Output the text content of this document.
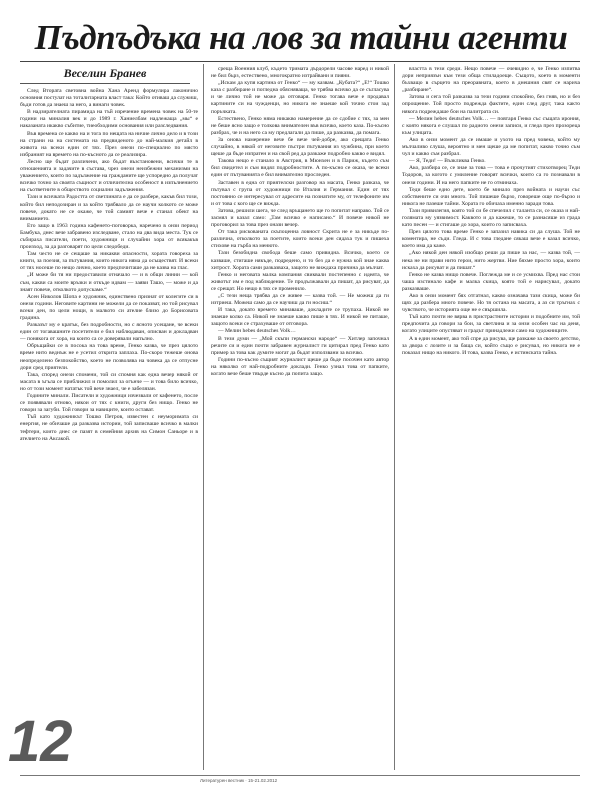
Пъдпъдъка на лов за тайни агенти
Веселин Бранев

След Втората световна война Хана Аренд формулира лаконично основния постулат на тоталитарната власт така: Който отиваш да служиш, бъди готов да знаеш за него, а винаги човек.

В надзирателната пирамида на тъй изречение времена човек на 50-те години на миналия век и до 1989 г. Ханиелбам надлежаща „мы“ е наказаната икакво събитие, тиеобходими основания или разследвания.

Във времена се какво на и тога по нещата на ничие лично дело и в този на страни на на системата на предвиденото до най-малкия детайл в живота на всеки един от тях. През онези по-специално по място избраният на времето на по-късното да се реализира.

Лесно ще бъдат различени, ако бъдат възстановени, всички те в отношенията и задачите в състава, чрез онези неизбежни механизми на уважението, които по задължение на гражданите ще успоредно да получат всичко точно за своята същност и отличителна особеност в изпълнението на съответните в обществото социални задължения.

Тази и всичката Радостта от светлината е да се разбере, какъв бил този, който бил неподозиран и за който трябвало да се научи колкото се може повече, докато не се окаже, че той самият вече е станал обект на вниманието.

Ето защо в 1963 година кафенето-поговорка, наречено в онзи период Бамбука, днес вече забравено изследване, стало на два вида места. Тук се събираха писатели, поети, художници и случайни хора от всякакъв произход, за да разговарят по цели следобеди.

Там често не се сещаше за никакви опасности, хората говореха за книги, за поезия, за пътувания, които никога няма да осъществят. И всеки от тях носеше по нещо лично, което предпочиташе да не казва на глас.

„И може би тя ни предоставили отначало — и в общи линии — кой съм, какви са моите връзки и откъде идвам — заяви Ташо, — може и да знаят повече, отколкото допускаме.“

Асен Николов Шопа е художник, единствено признат от колегите си в онези години. Неговите картини не можели да се показват, но той рисувал всеки ден, по цели нощи, в малкото си ателие близо до Борисовата градина.

Разказът му е кратък, без подробности, но с ясното усещане, че всеки един от тогавашните посетители е бил наблюдаван, описван и докладван — понякога от хора, на които са се доверявали напълно.

Обръщайки се в посока на това време, Генко казва, че през цялото време нито веднъж не е усетил открита заплаха. По-скоро тежеше онова неопределено безпокойство, което не позволява на човека да се отпусне дори сред приятели.

Така, според онези спомени, той си спомня как една вечер някой от масата в ъгъла се приближил и помолил за огънче — и това било всичко, но от този момент нататък той вече знаел, че е забелязан.

Годините минали. Писатели и художници изчезвали от кафенето, после се появявали отново, някои от тях с книги, други без нищо. Генко не говори за загуби. Той говори за навиците, които остават.

Тъй като художникът Тошко Петров, известен с неуморимата си енергия, не обичаше да разказва истории, той записваше всичко в малки тефтери, които днес се пазят в семейния архив на Симон Саньоре и в ателието на Аксакой.

среща Военния клуб, където тримата дърдорели часове наред и никой не бил бърз, естествено, многократно изтрайвани и пияни.

„Искам да купя картина от Генко“ — му казвам. „Кубата?“ „Е!“ Тошко каза с разбиране и погледна обясняваща, че трябва всичко да се съгласува и че лично той не може да отговаря. Генко тогава вече е продавал картините си на чужденци, но никога не знаеше кой точно стои зад поръчката.

Естествено, Генко няма никакво намерение да се сдобие с тях, за мен не беше ясно защо е толкова внимателен във всичко, което каза. По-късно разбрах, че и на него са му предлагали да пише, да разказва, да помага.

За онова намерение вече бе вече чей-добре, ако срещата Генко случайно, в някой от неговите пъстри пътувания из чужбина, при което щеше да бъде изпратен и на свой ред да разкаже подробно какво е видял.

Такова нещо е станало в Австрия, в Мюнхен и в Париж, където съм бил свидетел и съм видял подробностите. А по-късно се оказа, че всеки един от пътуванията е бил внимателно проследен.

Заставен в една от приятелски разговор на масата, Генко разказа, че пътувал с група от художници по Италия и Германия. Един от тях постоянно се интересувал от адресите на познатите му, от телефоните им и от това с кого ще се вижда.

Затова, решили шега, че след връщането ще го попитат направо. Той се засмял и казал само: „Там всичко е написано.“ И повече никой не проговорил за това през онази вечер.

От така рискованата скъпоценна ловност Скрита не е за никъде по-различна, отколкото за поетите, които всеки ден сядаха тук и пишеха стихове на гърба на менюто.

Тази безобидна свобода беше само привидна. Всичко, което се казваше, стигаше някъде, подредено, и то без да е нужна кой знае каква хитрост. Хората сами разказваха, защото не виждаха причина да мълчат.

Генко и неговата малка компания свиквали постепенно с идеята, че животът им е под наблюдение. Те продължавали да пишат, да рисуват, да се срещат. Но нещо в тях се променило.

„С тези неща трябва да се живее — казва той. — Не можеш да ги изтриеш. Можеш само да се научиш да ги носиш.“

И така, докато времето минаваше, докладите се трупаха. Никой не знаеше колко са. Никой не знаеше какво пише в тях. И никой не питаше, защото всеки се страхуваше от отговора.

— Мелин hebes deutsches Volk…

В тези думи — „Мой скъпи германски народе“ — Хитлер започнал речите си и един почти забравен журналист ги цитирал пред Генко като пример за това как думите могат да бъдат използвани за всичко.

Години по-късно същият журналист щеше да бъде посочен като автор на няколко от най-подробните доклади. Генко узнал това от папките, когато вече беше твърде късно да попита защо.

властта в тези среди. Нещо повече — очевидно е, че Генко изпитва дори неприязън към тези обща стиладоеще. Същото, което в моменти бъхващо в сърцето на преоравната, което в днешния свят се нарича „разбиране“.

Затова и сега той разказва за тези години спокойно, без гняв, но и без опрощение. Той просто подрежда фактите, един след друг, така както някога подреждаше бои на палитрата си.

— Мелин hebes deutsches Volk… — повтаря Генко със същата ирония, с която някога е слушал по радиото онези записи, и гледа през прозореца към улицата.

Ако в онзи момент да се имаше и ухото на пред човека, който му мълчаливо слуша, вероятно и мен щеше да ме попитат, какво точно съм чул и какво съм разбрал.

— Я, Теди! — Възкликва Генко.

Ако, разбира се, се знае за това — това е прочутият стихотворец Теди Тодоров, за когото с умиление говорят всички, които са го познавали в онези години. И на него папките не го отминаха.

Теди беше едно дете, което бе минало през войната и научи със собствените си очи много. Той пишеше бързо, говореше още по-бързо и никога не пазеше тайни. Хората го обичаха именно заради това.

Тази привилегия, която той си бе спечелил с таланта си, се оказа и най-голямата му уязвимост. Каквото и да кажеше, то се разнасяше из града като песен — и стигаше до хора, които го записваха.

През цялото това време Генко е запазил навика си да слуша. Той не коментира, не съди. Гледа. И с това гледане сякаш вече е казал всичко, което има да каже.

„Ако някой ден някой изобщо реши да пише за нас, — казва той, — нека не ни прави нито герои, нито жертви. Ние бяхме просто хора, които искаха да рисуват и да пишат.“

Генко не казва нищо повече. Поглежда ме и се усмихва. Пред нас стои чаша изстинало кафе и малка скица, която той е нарисувал, докато разказваше.

Ако в онзи момент бях отгатнал, какво означава тази скица, може би щях да разбера много повече. Но тя остана на масата, а аз си тръгнах с чувството, че историята още не е свършила.

Тъй като почти не вярва в пристрастните истории и подобните им, той предпочита да говори за бои, за светлина и за онзи особен час на деня, когато улиците опустяват и градът принадлежи само на художниците.

А в един момент, ако той спре да рисува, ще разкаже за своето детство, за двора с лозите и за баща си, който също е рисувал, но никога не е показал нищо на никого. И това, казва Генко, е истинската тайна.

12
Литературен вестник · 15-21.02.2012
